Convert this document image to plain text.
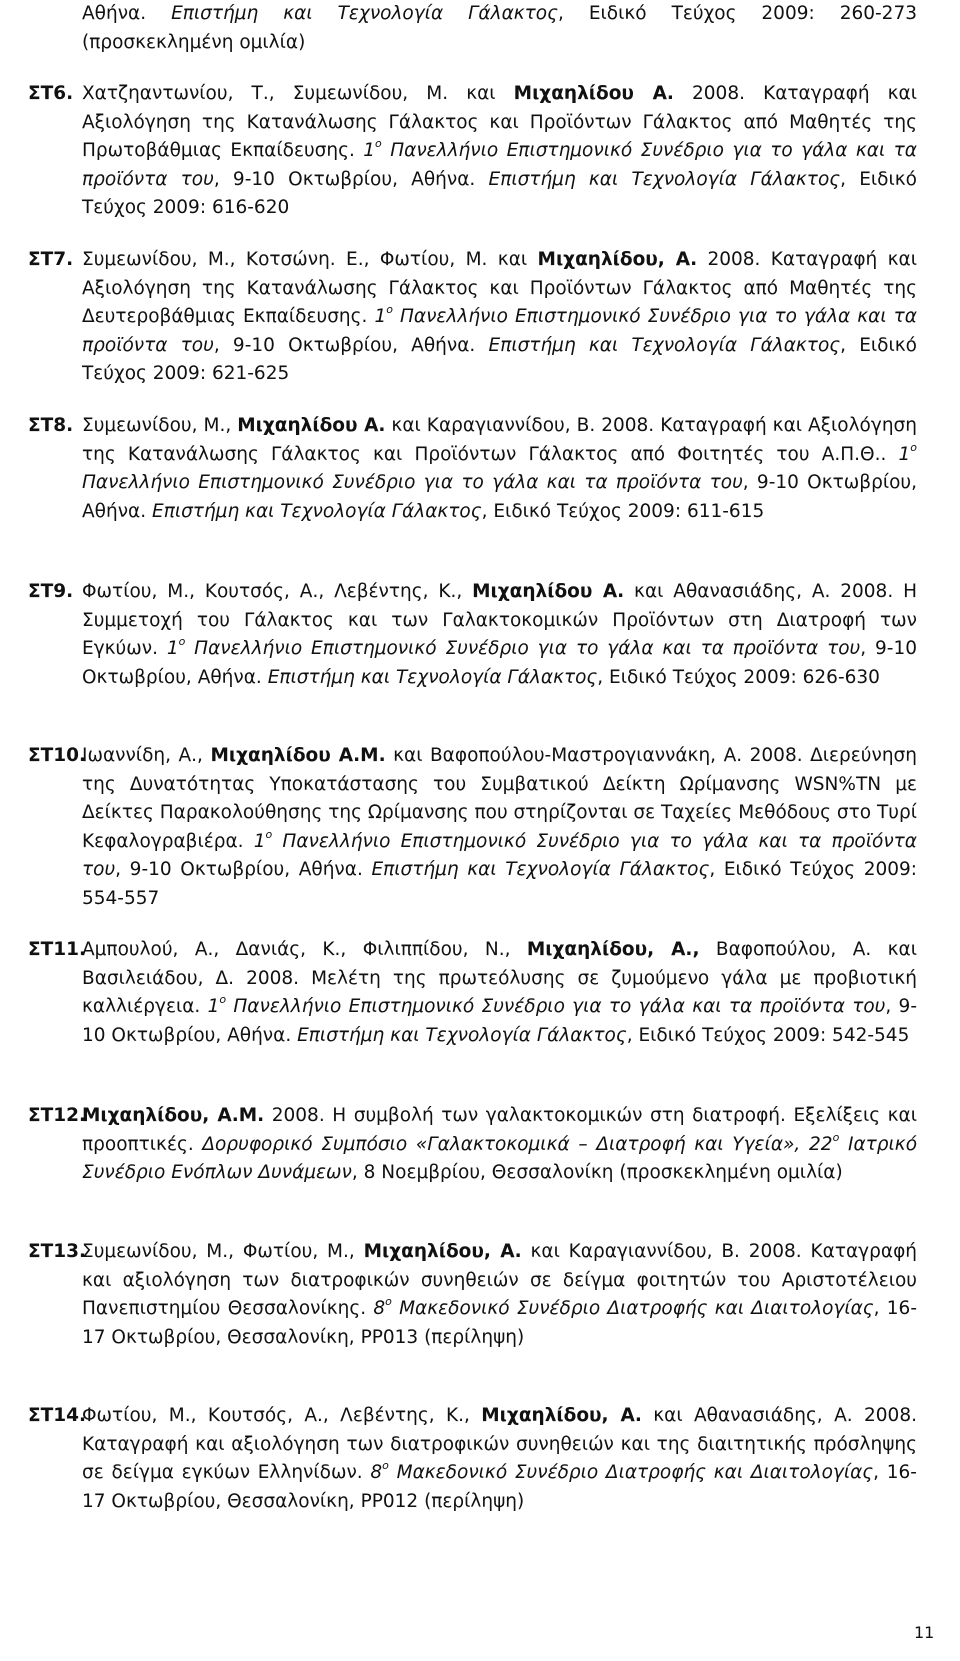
Αθήνα. Επιστήμη και Τεχνολογία Γάλακτος, Ειδικό Τεύχος 2009: 260-273 (προσκεκλημένη ομιλία)
ΣΤ6. Χατζηαντωνίου, Τ., Συμεωνίδου, Μ. και Μιχαηλίδου Α. 2008. Καταγραφή και Αξιολόγηση της Κατανάλωσης Γάλακτος και Προϊόντων Γάλακτος από Μαθητές της Πρωτοβάθμιας Εκπαίδευσης. $1^o$ Πανελλήνιο Επιστημονικό Συνέδριο για το γάλα και τα προϊόντα του, 9-10 Οκτωβρίου, Αθήνα. Επιστήμη και Τεχνολογία Γάλακτος, Ειδικό Τεύχος 2009: 616-620
ΣΤ7. Συμεωνίδου, Μ., Κοτσώνη. Ε., Φωτίου, Μ. και Μιχαηλίδου, Α. 2008. Καταγραφή και Αξιολόγηση της Κατανάλωσης Γάλακτος και Προϊόντων Γάλακτος από Μαθητές της Δευτεροβάθμιας Εκπαίδευσης. $1^o$ Πανελλήνιο Επιστημονικό Συνέδριο για το γάλα και τα προϊόντα του, 9-10 Οκτωβρίου, Αθήνα. Επιστήμη και Τεχνολογία Γάλακτος, Ειδικό Τεύχος 2009: 621-625
ΣΤ8. Συμεωνίδου, Μ., Μιχαηλίδου Α. και Καραγιαννίδου, Β. 2008. Καταγραφή και Αξιολόγηση της Κατανάλωσης Γάλακτος και Προϊόντων Γάλακτος από Φοιτητές του Α.Π.Θ.. $1^o$ Πανελλήνιο Επιστημονικό Συνέδριο για το γάλα και τα προϊόντα του, 9-10 Οκτωβρίου, Αθήνα. Επιστήμη και Τεχνολογία Γάλακτος, Ειδικό Τεύχος 2009: 611-615
ΣΤ9. Φωτίου, Μ., Κουτσός, Α., Λεβέντης, Κ., Μιχαηλίδου Α. και Αθανασιάδης, Α. 2008. Η Συμμετοχή του Γάλακτος και των Γαλακτοκομικών Προϊόντων στη Διατροφή των Εγκύων. $1^o$ Πανελλήνιο Επιστημονικό Συνέδριο για το γάλα και τα προϊόντα του, 9-10 Οκτωβρίου, Αθήνα. Επιστήμη και Τεχνολογία Γάλακτος, Ειδικό Τεύχος 2009: 626-630
ΣΤ10.
Ιωαννίδη, Α., Μιχαηλίδου Α.Μ. και Βαφοπούλου-Μαστρογιαννάκη, Α. 2008. Διερεύνηση της Δυνατότητας Υποκατάστασης του Συμβατικού Δείκτη Ωρίμανσης WSN%TN με Δείκτες Παρακολούθησης της Ωρίμανσης που στηρίζονται σε Ταχείες Μεθόδους στο Τυρί Κεφαλογραβιέρα. $1^o$ Πανελλήνιο Επιστημονικό Συνέδριο για το γάλα και τα προϊόντα του, 9-10 Οκτωβρίου, Αθήνα. Επιστήμη και Τεχνολογία Γάλακτος, Ειδικό Τεύχος 2009: 554-557
ΣΤ11.
Αμπουλού, Α., Δανιάς, Κ., Φιλιππίδου, Ν., Μιχαηλίδου, Α., Βαφοπούλου, Α. και Βασιλειάδου, Δ. 2008. Μελέτη της πρωτεόλυσης σε ζυμούμενο γάλα με προβιοτική καλλιέργεια. $1^o$ Πανελλήνιο Επιστημονικό Συνέδριο για το γάλα και τα προϊόντα του, 9-10 Οκτωβρίου, Αθήνα. Επιστήμη και Τεχνολογία Γάλακτος, Ειδικό Τεύχος 2009: 542-545
ΣΤ12.
Μιχαηλίδου, Α.Μ. 2008. Η συμβολή των γαλακτοκομικών στη διατροφή. Εξελίξεις και προοπτικές. Δορυφορικό Συμπόσιο «Γαλακτοκομικά – Διατροφή και Υγεία», $22^o$ Ιατρικό Συνέδριο Ενόπλων Δυνάμεων, 8 Νοεμβρίου, Θεσσαλονίκη (προσκεκλημένη ομιλία)
ΣΤ13.
Συμεωνίδου, Μ., Φωτίου, Μ., Μιχαηλίδου, Α. και Καραγιαννίδου, Β. 2008. Καταγραφή και αξιολόγηση των διατροφικών συνηθειών σε δείγμα φοιτητών του Αριστοτέλειου Πανεπιστημίου Θεσσαλονίκης. $8^o$ Μακεδονικό Συνέδριο Διατροφής και Διαιτολογίας, 16-17 Οκτωβρίου, Θεσσαλονίκη, PP013 (περίληψη)
ΣΤ14.
Φωτίου, Μ., Κουτσός, Α., Λεβέντης, Κ., Μιχαηλίδου, Α. και Αθανασιάδης, Α. 2008. Καταγραφή και αξιολόγηση των διατροφικών συνηθειών και της διαιτητικής πρόσληψης σε δείγμα εγκύων Ελληνίδων. $8^o$ Μακεδονικό Συνέδριο Διατροφής και Διαιτολογίας, 16-17 Οκτωβρίου, Θεσσαλονίκη, PP012 (περίληψη)
11
